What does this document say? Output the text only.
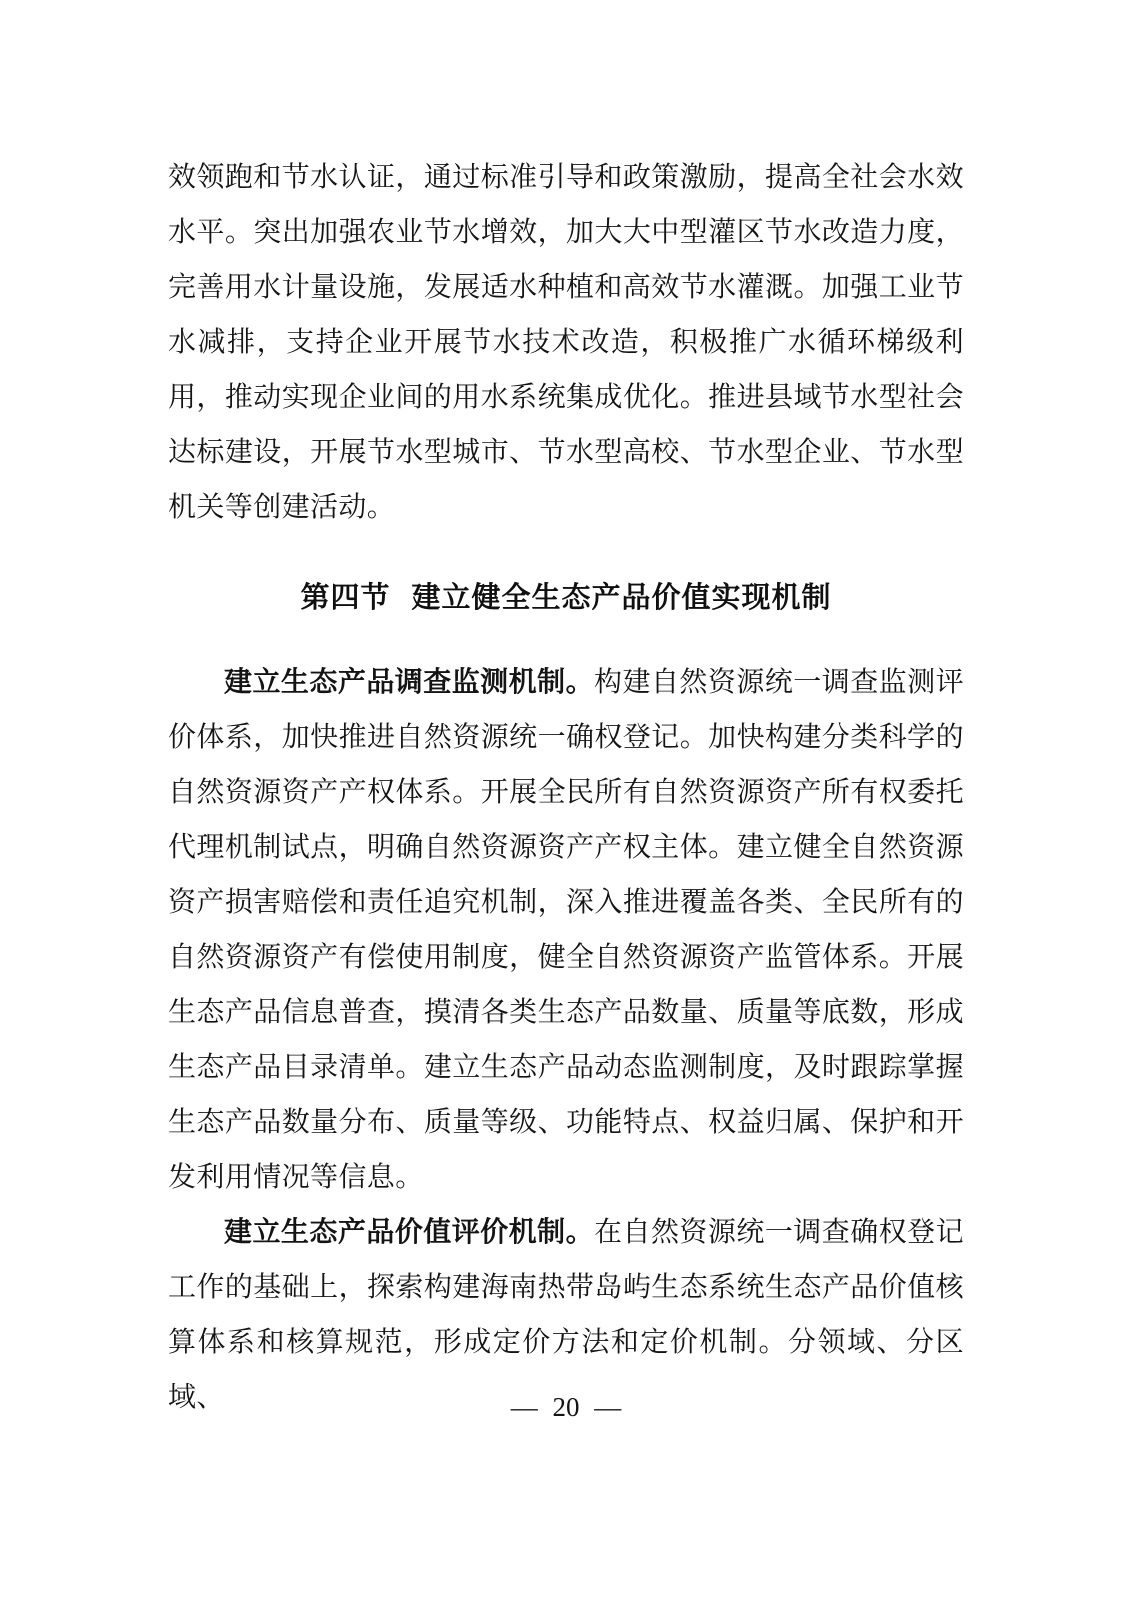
效领跑和节水认证，通过标准引导和政策激励，提高全社会水效水平。突出加强农业节水增效，加大大中型灌区节水改造力度，完善用水计量设施，发展适水种植和高效节水灌溉。加强工业节水减排，支持企业开展节水技术改造，积极推广水循环梯级利用，推动实现企业间的用水系统集成优化。推进县域节水型社会达标建设，开展节水型城市、节水型高校、节水型企业、节水型机关等创建活动。

第四节 建立健全生态产品价值实现机制

建立生态产品调查监测机制。构建自然资源统一调查监测评价体系，加快推进自然资源统一确权登记。加快构建分类科学的自然资源资产产权体系。开展全民所有自然资源资产所有权委托代理机制试点，明确自然资源资产产权主体。建立健全自然资源资产损害赔偿和责任追究机制，深入推进覆盖各类、全民所有的自然资源资产有偿使用制度，健全自然资源资产监管体系。开展生态产品信息普查，摸清各类生态产品数量、质量等底数，形成生态产品目录清单。建立生态产品动态监测制度，及时跟踪掌握生态产品数量分布、质量等级、功能特点、权益归属、保护和开发利用情况等信息。

建立生态产品价值评价机制。在自然资源统一调查确权登记工作的基础上，探索构建海南热带岛屿生态系统生态产品价值核算体系和核算规范，形成定价方法和定价机制。分领域、分区域、	— 20 —
